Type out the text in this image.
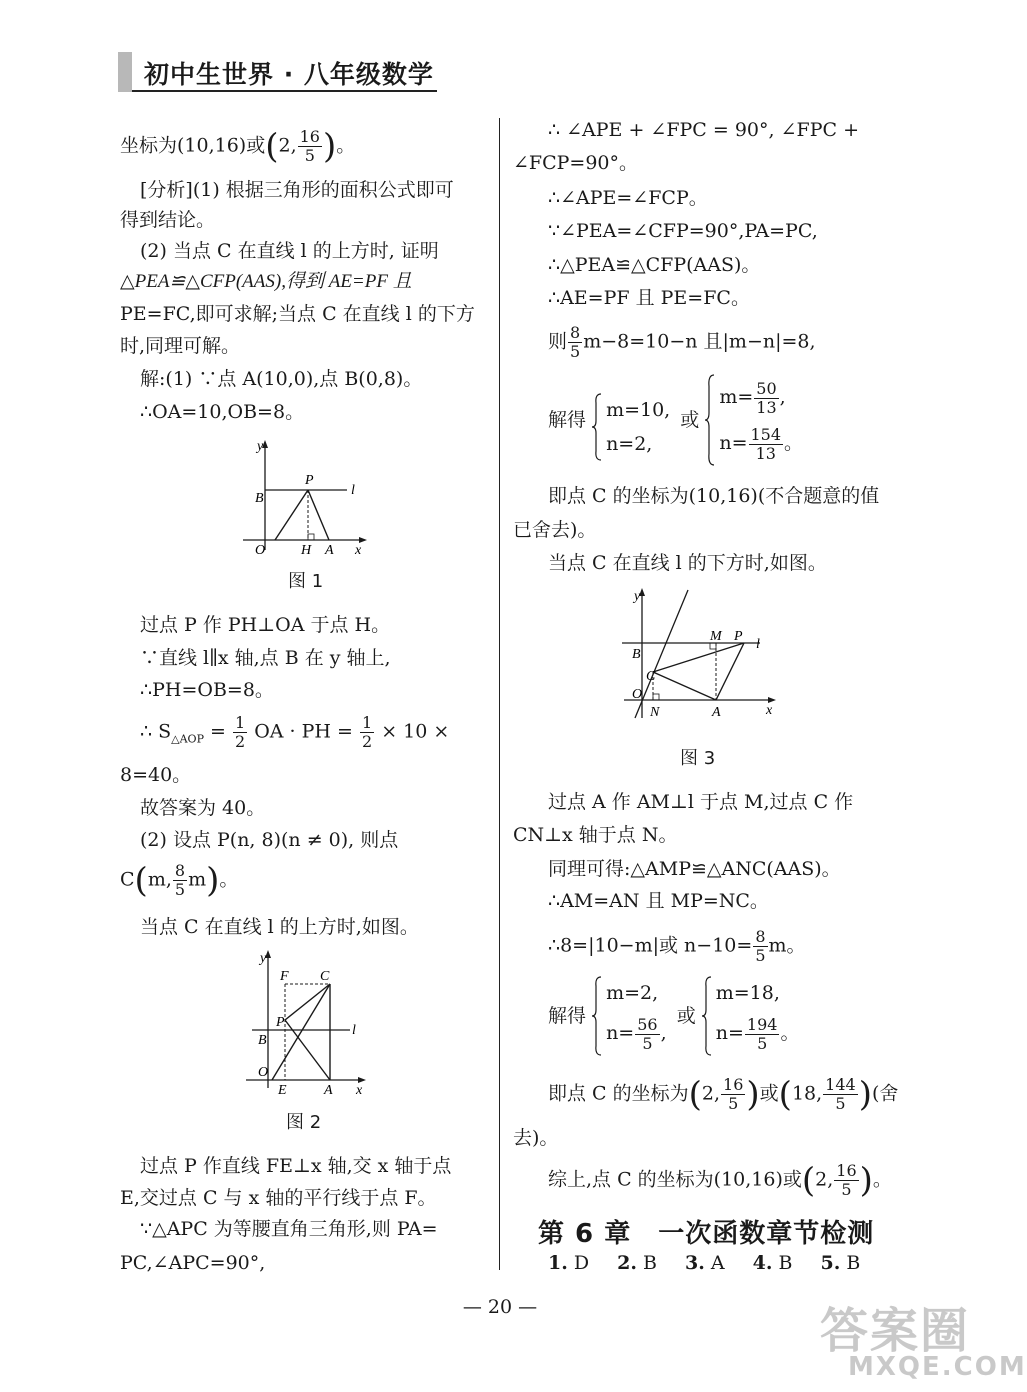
初中生世界 · 八年级数学
坐标为(10,16)或(2, $\frac{16}{5}$ )。
[分析](1) 根据三角形的面积公式即可
得到结论。
(2) 当点 C 在直线 l 的上方时, 证明
△PEA≌△CFP(AAS),得到 AE=PF 且
PE=FC,即可求解;当点 C 在直线 l 的下方
时,同理可解。
解:(1) ∵点 A(10,0),点 B(0,8)。
∴OA=10,OB=8。
y
x
O
B
P
H A
l
图 1
过点 P 作 PH⊥OA 于点 H。
∵直线 l∥x 轴,点 B 在 y 轴上,
∴PH=OB=8。
∴ $S_{\triangle AOP} = \frac{1}{2}$ OA · PH = $\frac{1}{2} \times 10$ ×
8=40。
故答案为 40。
(2) 设点 P(n, 8)(n ≠ 0), 则点
C(m, $\frac{8}{5} m$)。
当点 C 在直线 l 的上方时,如图。
y
x
O
B
P
F C
E	A
l
图 2
过点 P 作直线 FE⊥x 轴,交 x 轴于点
E,交过点 C 与 x 轴的平行线于点 F。
∵△APC 为等腰直角三角形,则 PA=
PC,∠APC=90°,
∴ ∠APE + ∠FPC = 90°, ∠FPC +
∠FCP=90°。
∴∠APE=∠FCP。
∵∠PEA=∠CFP=90°,PA=PC,
∴△PEA≌△CFP(AAS)。
∴AE=PF 且 PE=FC。
则 $\frac{8}{5} m-8=10-n$ 且|m−n|=8,
解得 m=10,
n=2,
或
$m= \frac{50}{13}$ ,
$n= \frac{154}{13}$ 。
即点 C 的坐标为(10,16)(不合题意的值
已舍去)。
当点 C 在直线 l 的下方时,如图。
y
x
O
B
C
N
M P
A
l
图 3
过点 A 作 AM⊥l 于点 M,过点 C 作
CN⊥x 轴于点 N。
同理可得:△AMP≌△ANC(AAS)。
∴AM=AN 且 MP=NC。
∴8=|10−m|或 $n-10= \frac{8}{5}$ m。
解得
m=2,
$n= \frac{56}{5}$ ,
或
m=18,
$n= \frac{194}{5}$ 。
即点 C 的坐标为(2, $\frac{16}{5}$ )或(18, $\frac{144}{5}$ )(舍
去)。
综上,点 C 的坐标为(10,16)或(2, $\frac{16}{5}$ )。
第 6 章　一次函数章节检测
1. D 2. B 3. A 4. B 5. B
— 20 —	答案圈
MXQE.COM
